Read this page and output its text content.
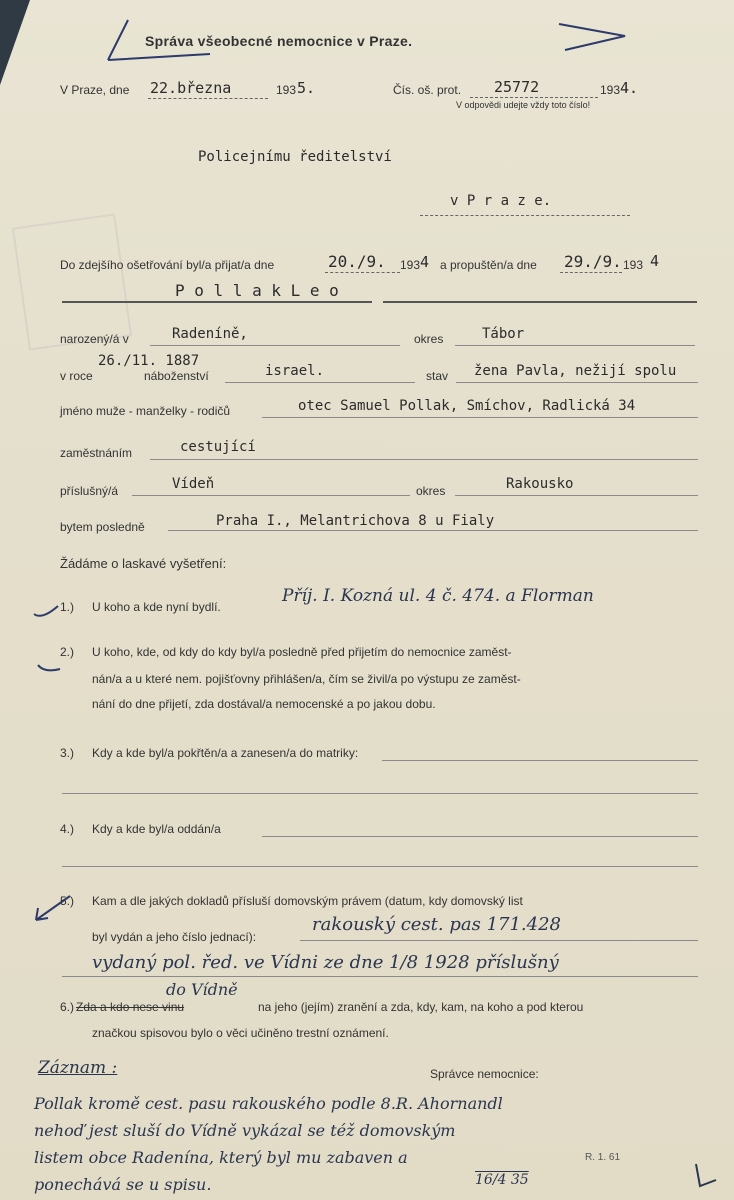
Správa všeobecné nemocnice v Praze.
V Praze, dne 22.března	193 5.	Čís. oš. prot. 25772	193 4.
V odpovědi udejte vždy toto číslo!
Policejnímu ředitelství
v P r a z e.
Do zdejšího ošetřování byl/a přijat/a dne	20./9. 193 4 a propuštěn/a dne 29./9. 193 4
P o l l a k L e o
narozený/á v	Radeníně,	okres	Tábor
26./11. 1887
v roce	náboženství	israel.	stav žena Pavla, nežijí spolu
jméno muže - manželky - rodičů	otec Samuel Pollak, Smíchov, Radlická 34
zaměstnáním	cestující
příslušný/á	Vídeň	okres	Rakousko
bytem posledně	Praha I., Melantrichova 8 u Fialy
Žádáme o laskavé vyšetření:
1.) U koho a kde nyní bydlí.
Příj. I. Kozná ul. 4 č. 474. a Florman
2.) U koho, kde, od kdy do kdy byl/a posledně před přijetím do nemocnice zaměst-
nán/a a u které nem. pojišťovny přihlášen/a, čím se živil/a po výstupu ze zaměst-
nání do dne přijetí, zda dostával/a nemocenské a po jakou dobu.
3.) Kdy a kde byl/a pokřtěn/a a zanesen/a do matriky:
4.) Kdy a kde byl/a oddán/a
5.) Kam a dle jakých dokladů přísluší domovským právem (datum, kdy domovský list
byl vydán a jeho číslo jednací):
rakouský cest. pas 171.428
vydaný pol. řed. ve Vídni ze dne 1/8 1928 příslušný
do Vídně
6.) Zda a kdo nese vinu	na jeho (jejím) zranění a zda, kdy, kam, na koho a pod kterou
značkou spisovou bylo o věci učiněno trestní oznámení.
Správce nemocnice:
Záznam :
Pollak kromě cest. pasu rakouského podle 8.R. Ahornandl
nehoď jest sluší do Vídně vykázal se též domovským
listem obce Radenína, který byl mu zabaven a
ponechává se u spisu.
R. 1. 61
16/4 35
